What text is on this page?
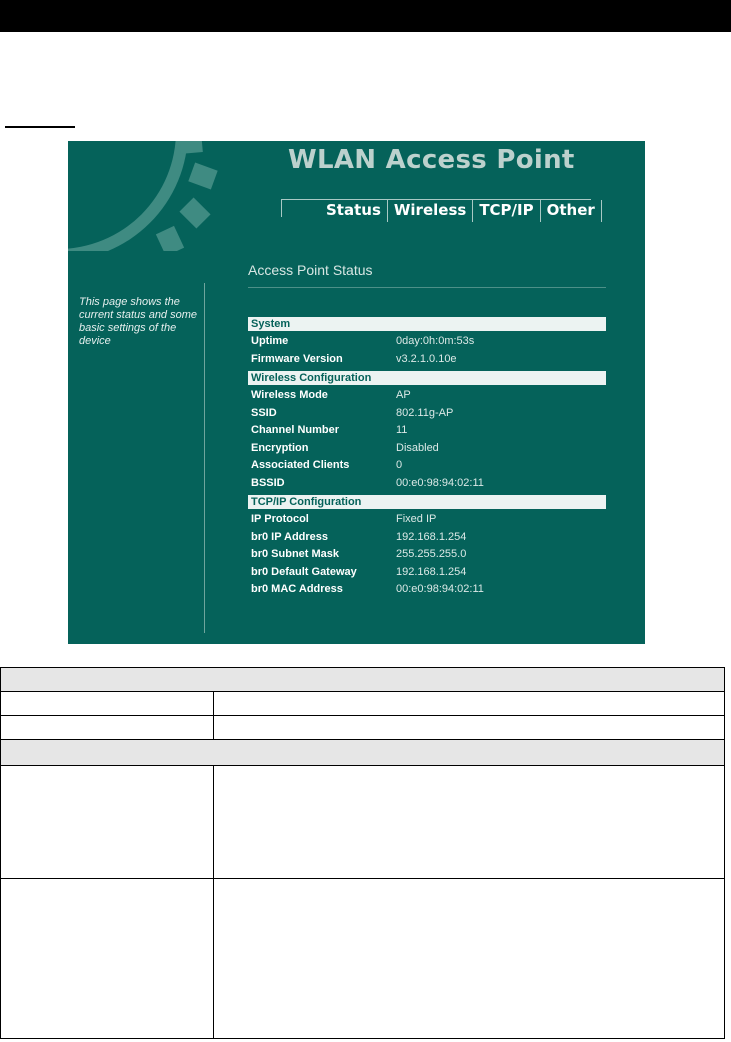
WLAN Access Point
Status Wireless TCP/IP Other
This page shows the current status and some basic settings of the device
Access Point Status
System
Uptime	0day:0h:0m:53s
Firmware Version	v3.2.1.0.10e
Wireless Configuration
Wireless Mode	AP
SSID	802.11g-AP
Channel Number	11
Encryption	Disabled
Associated Clients	0
BSSID	00:e0:98:94:02:11
TCP/IP Configuration
IP Protocol	Fixed IP
br0 IP Address	192.168.1.254
br0 Subnet Mask	255.255.255.0
br0 Default Gateway	192.168.1.254
br0 MAC Address	00:e0:98:94:02:11
